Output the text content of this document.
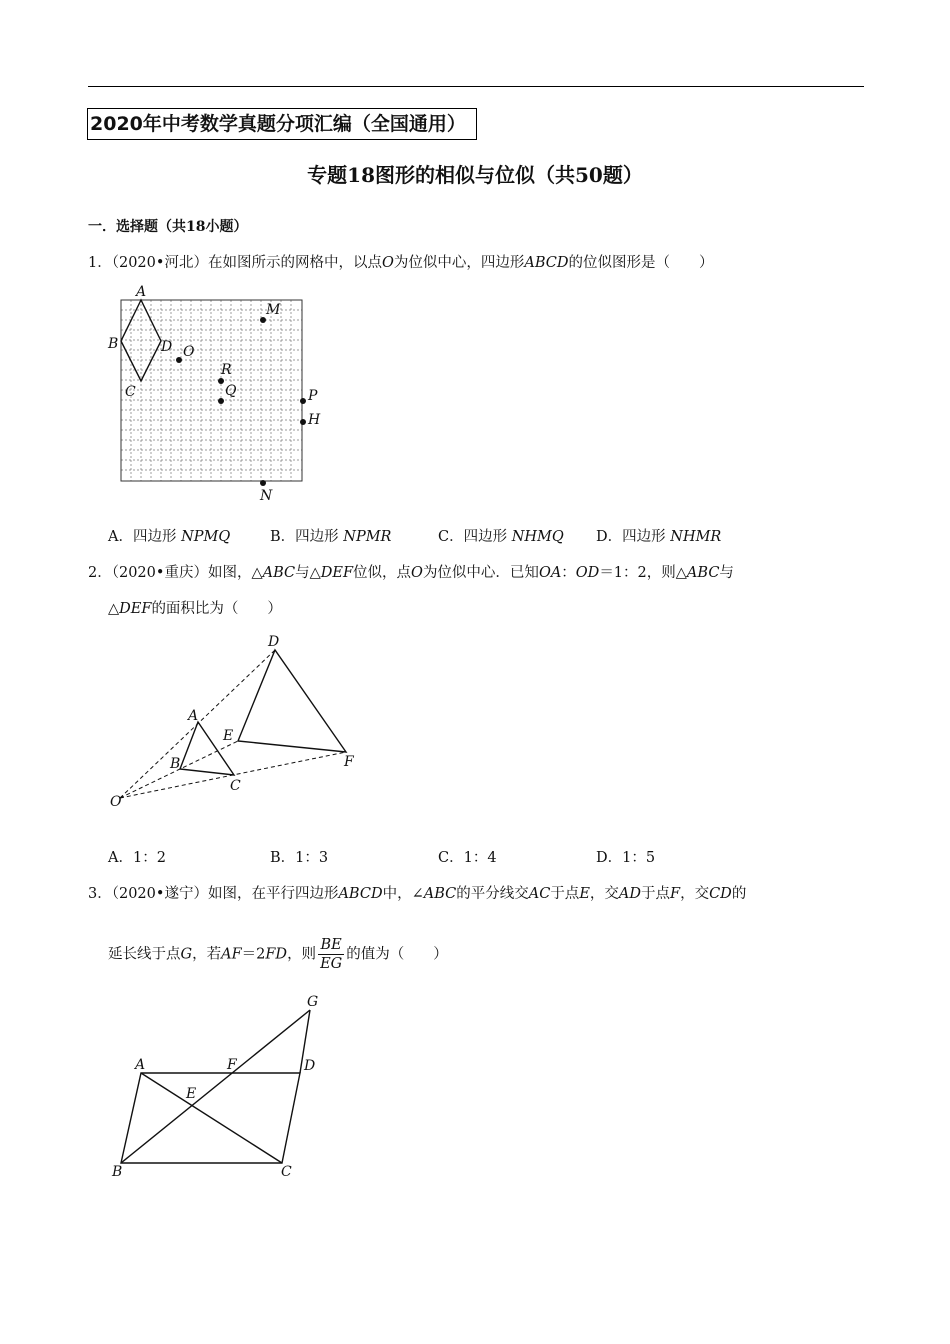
2020年中考数学真题分项汇编（全国通用）
专题18图形的相似与位似（共50题）
一．选择题（共18小题）
1．（2020•河北）在如图所示的网格中，以点O为位似中心，四边形ABCD的位似图形是（　　）
A
B
C
D O
M
R
Q	P
H
N
A．四边形 NPMQ	B．四边形 NPMR	C．四边形 NHMQ D．四边形 NHMR
2．（2020•重庆）如图，△ABC与△DEF位似，点O为位似中心．已知OA：OD＝1：2，则△ABC与
△DEF的面积比为（　　）
D
A
E
B
C
F
O
A．1：2	B．1：3	C．1：4	D．1：5
3．（2020•遂宁）如图，在平行四边形ABCD中，∠ABC的平分线交AC于点E，交AD于点F，交CD的
延长线于点G，若AF＝2FD，则 $\frac{BE}{EG}$ 的值为（　　）
G
A	F	D
E
B	C
